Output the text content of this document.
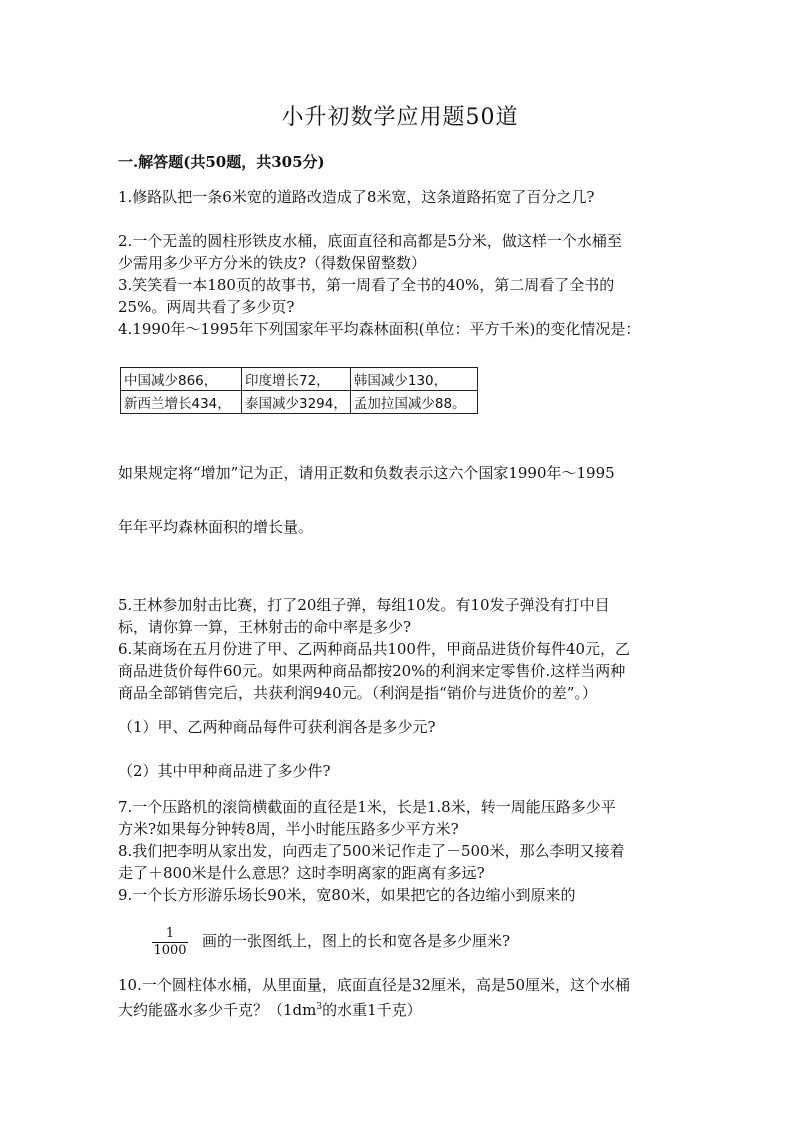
小升初数学应用题50道
一.解答题(共50题，共305分)
1.修路队把一条6米宽的道路改造成了8米宽，这条道路拓宽了百分之几?
2.一个无盖的圆柱形铁皮水桶，底面直径和高都是5分米，做这样一个水桶至
少需用多少平方分米的铁皮?（得数保留整数）
3.笑笑看一本180页的故事书，第一周看了全书的40%，第二周看了全书的
25%。两周共看了多少页?
4.1990年～1995年下列国家年平均森林面积(单位：平方千米)的变化情况是：
中国减少866，	印度增长72，	韩国减少130，
新西兰增长434，	泰国减少3294，	孟加拉国减少88。
如果规定将“增加”记为正，请用正数和负数表示这六个国家1990年～1995
年年平均森林面积的增长量。
5.王林参加射击比赛，打了20组子弹，每组10发。有10发子弹没有打中目
标，请你算一算，王林射击的命中率是多少?
6.某商场在五月份进了甲、乙两种商品共100件，甲商品进货价每件40元，乙
商品进货价每件60元。如果两种商品都按20%的利润来定零售价.这样当两种
商品全部销售完后，共获利润940元。（利润是指“销价与进货价的差”。）
（1）甲、乙两种商品每件可获利润各是多少元?
（2）其中甲种商品进了多少件?
7.一个压路机的滚筒横截面的直径是1米，长是1.8米，转一周能压路多少平
方米?如果每分钟转8周，半小时能压路多少平方米?
8.我们把李明从家出发，向西走了500米记作走了－500米，那么李明又接着
走了＋800米是什么意思？这时李明离家的距离有多远?
9.一个长方形游乐场长90米，宽80米，如果把它的各边缩小到原来的
$\frac{1}{1000}$ 画的一张图纸上，图上的长和宽各是多少厘米?
10.一个圆柱体水桶，从里面量，底面直径是32厘米，高是50厘米，这个水桶
大约能盛水多少千克？（$1dm^3$的水重1千克）
